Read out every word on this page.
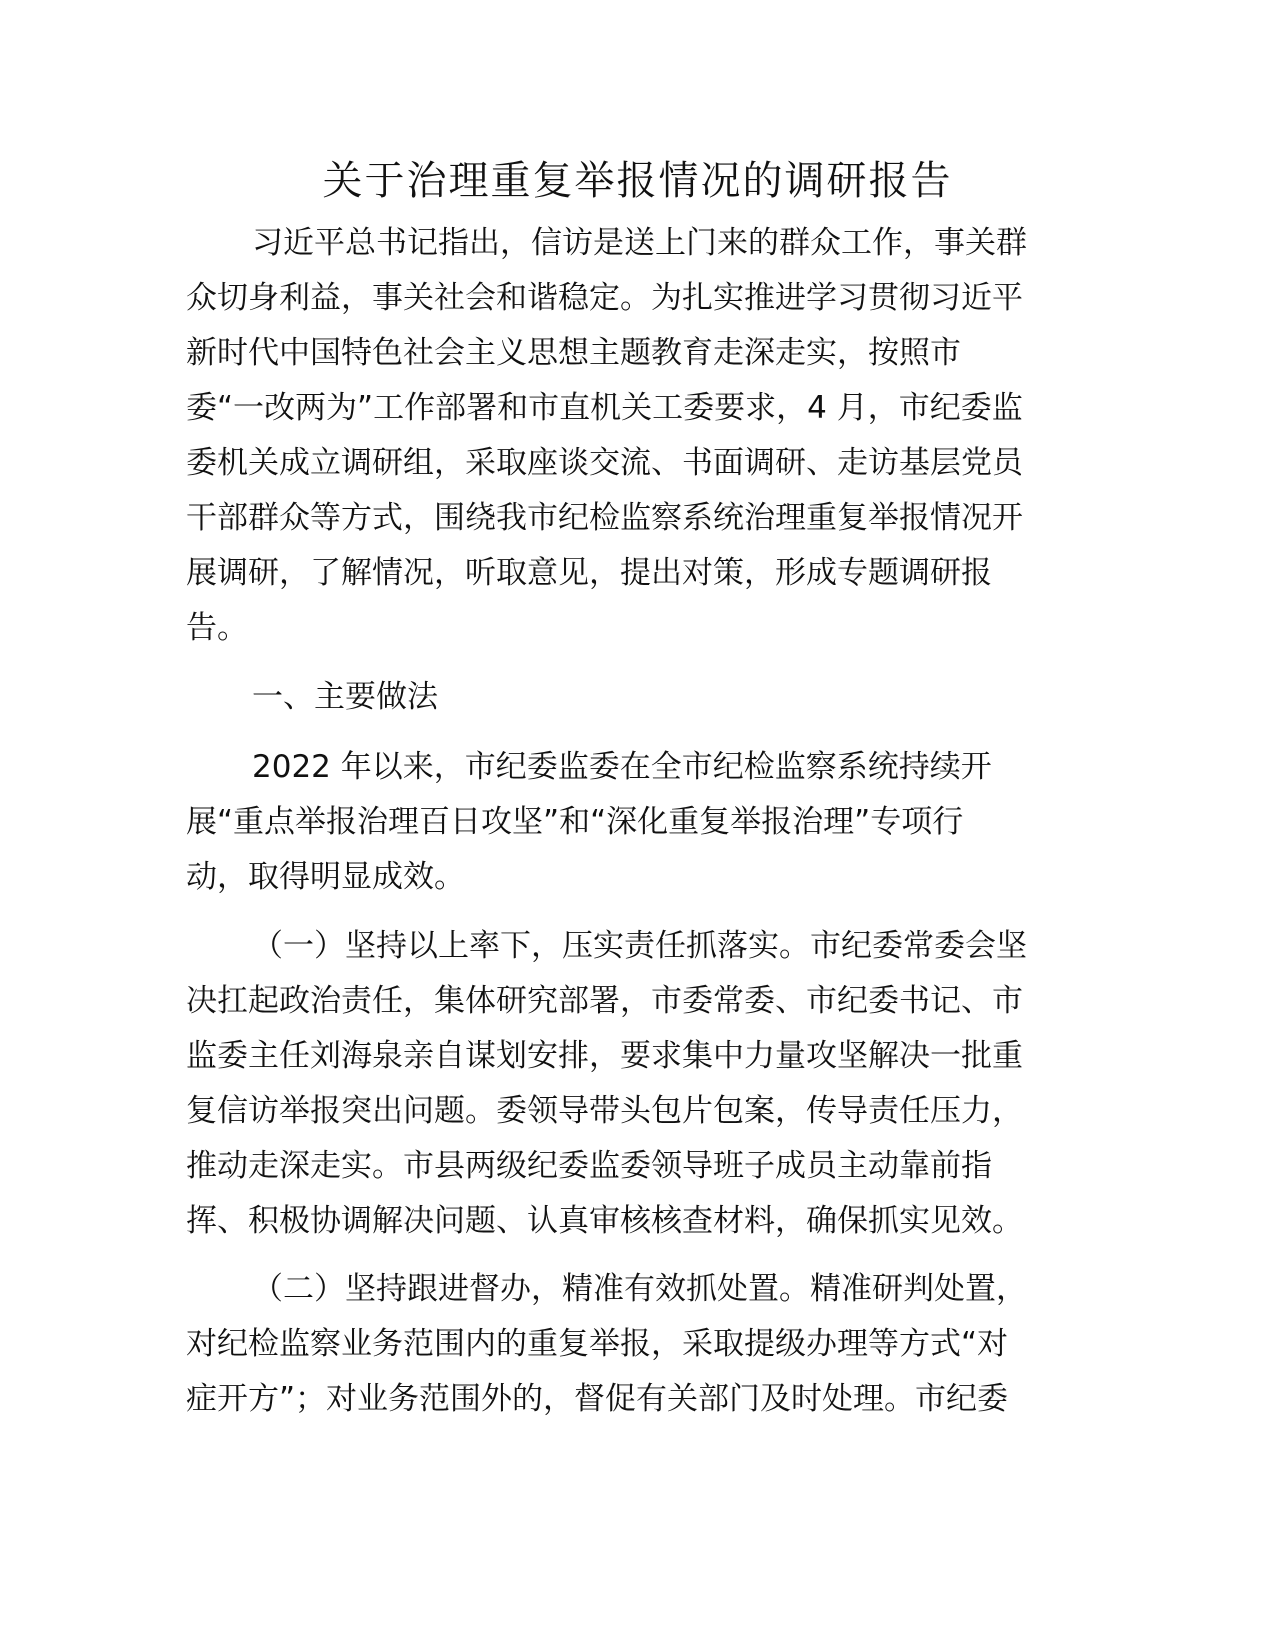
关于治理重复举报情况的调研报告

习近平总书记指出，信访是送上门来的群众工作，事关群

众切身利益，事关社会和谐稳定。为扎实推进学习贯彻习近平

新时代中国特色社会主义思想主题教育走深走实，按照市

委“一改两为”工作部署和市直机关工委要求，4 月，市纪委监

委机关成立调研组，采取座谈交流、书面调研、走访基层党员

干部群众等方式，围绕我市纪检监察系统治理重复举报情况开

展调研，了解情况，听取意见，提出对策，形成专题调研报

告。

一、主要做法

2022 年以来，市纪委监委在全市纪检监察系统持续开

展“重点举报治理百日攻坚”和“深化重复举报治理”专项行

动，取得明显成效。

（一）坚持以上率下，压实责任抓落实。市纪委常委会坚

决扛起政治责任，集体研究部署，市委常委、市纪委书记、市

监委主任刘海泉亲自谋划安排，要求集中力量攻坚解决一批重

复信访举报突出问题。委领导带头包片包案，传导责任压力，

推动走深走实。市县两级纪委监委领导班子成员主动靠前指

挥、积极协调解决问题、认真审核核查材料，确保抓实见效。

（二）坚持跟进督办，精准有效抓处置。精准研判处置，

对纪检监察业务范围内的重复举报，采取提级办理等方式“对

症开方”；对业务范围外的，督促有关部门及时处理。市纪委
